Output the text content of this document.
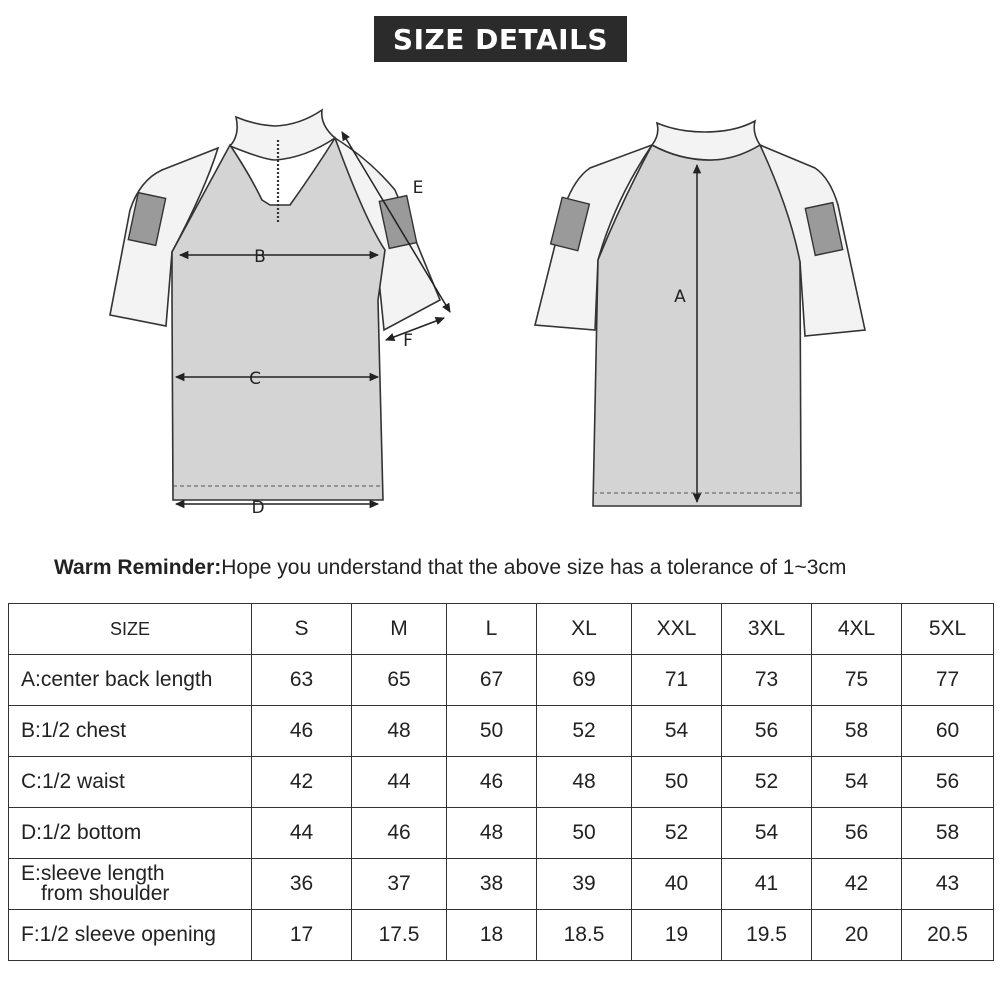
SIZE DETAILS
B
C
D
E
F
A
Warm Reminder:Hope you understand that the above size has a tolerance of 1~3cm
SIZE	S	M	L	XL	XXL	3XL	4XL	5XL
A:center back length	63	65	67	69	71	73	75	77
B:1/2 chest	46	48	50	52	54	56	58	60
C:1/2 waist	42	44	46	48	50	52	54	56
D:1/2 bottom	44	46	48	50	52	54	56	58

E:sleeve length
from shoulder	36	37	38	39	40	41	42	43
F:1/2 sleeve opening	17	17.5	18	18.5	19	19.5	20	20.5
